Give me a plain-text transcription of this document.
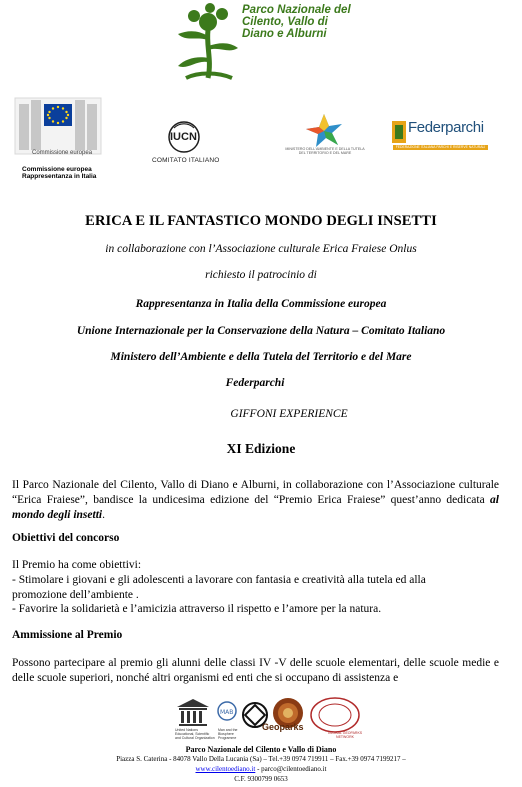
Parco Nazionale del Cilento, Vallo di Diano e Alburni
Commissione europea
Commissione europea
Rappresentanza in Italia
IUCN
COMITATO ITALIANO
MINISTERO DELL'AMBIENTE E DELLA TUTELA DEL TERRITORIO E DEL MARE
Federparchi
FEDERAZIONE ITALIANA PARCHI E RISERVE NATURALI
ERICA E IL FANTASTICO MONDO DEGLI INSETTI
in collaborazione con l’Associazione culturale Erica Fraiese Onlus
richiesto il patrocinio di
Rappresentanza in Italia della Commissione europea
Unione Internazionale per la Conservazione della Natura – Comitato Italiano
Ministero dell’Ambiente e della Tutela del Territorio e del Mare
Federparchi
GIFFONI EXPERIENCE
XI Edizione
Il Parco Nazionale del Cilento, Vallo di Diano e Alburni, in collaborazione con l’Associazione culturale “Erica Fraiese”, bandisce la undicesima edizione del “Premio Erica Fraiese” quest’anno dedicata al mondo degli insetti.
Obiettivi del concorso
Il Premio ha come obiettivi:
- Stimolare i giovani e gli adolescenti a lavorare con fantasia e creatività alla tutela ed alla promozione dell’ambiente .
- Favorire la solidarietà e l’amicizia attraverso il rispetto e l’amore per la natura.
Ammissione al Premio
Possono partecipare al premio gli alunni delle classi IV -V delle scuole elementari, delle scuole medie e delle scuole superiori, nonché altri organismi ed enti che si occupano di assistenza e
MAB
United Nations Educational, Scientific and Cultural Organization
Man and the Biosphere Programme
Geoparks
GLOBAL GEOPARKS NETWORK
Parco Nazionale del Cilento e Vallo di Diano
Piazza S. Caterina - 84078 Vallo Della Lucania (Sa) – Tel.+39 0974 719911 – Fax.+39 0974 7199217 –
www.cilentoediano.it - parco@cilentoediano.it
C.F. 9300799 0653
